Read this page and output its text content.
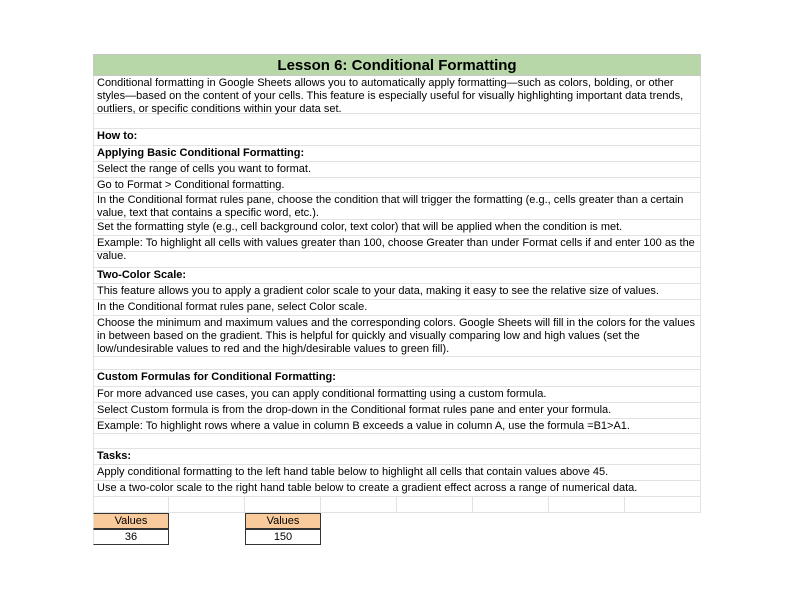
Lesson 6: Conditional Formatting
Conditional formatting in Google Sheets allows you to automatically apply formatting—such as colors, bolding, or other styles—based on the content of your cells. This feature is especially useful for visually highlighting important data trends, outliers, or specific conditions within your data set.
How to:
Applying Basic Conditional Formatting:
Select the range of cells you want to format.
Go to Format > Conditional formatting.
In the Conditional format rules pane, choose the condition that will trigger the formatting (e.g., cells greater than a certain value, text that contains a specific word, etc.).
Set the formatting style (e.g., cell background color, text color) that will be applied when the condition is met.
Example: To highlight all cells with values greater than 100, choose Greater than under Format cells if and enter 100 as the value.
Two-Color Scale:
This feature allows you to apply a gradient color scale to your data, making it easy to see the relative size of values.
In the Conditional format rules pane, select Color scale.
Choose the minimum and maximum values and the corresponding colors. Google Sheets will fill in the colors for the values in between based on the gradient. This is helpful for quickly and visually comparing low and high values (set the low/undesirable values to red and the high/desirable values to green fill).
Custom Formulas for Conditional Formatting:
For more advanced use cases, you can apply conditional formatting using a custom formula.
Select Custom formula is from the drop-down in the Conditional format rules pane and enter your formula.
Example: To highlight rows where a value in column B exceeds a value in column A, use the formula =B1>A1.
Tasks:
Apply conditional formatting to the left hand table below to highlight all cells that contain values above 45.
Use a two-color scale to the right hand table below to create a gradient effect across a range of numerical data.
Values	Values
36	150
